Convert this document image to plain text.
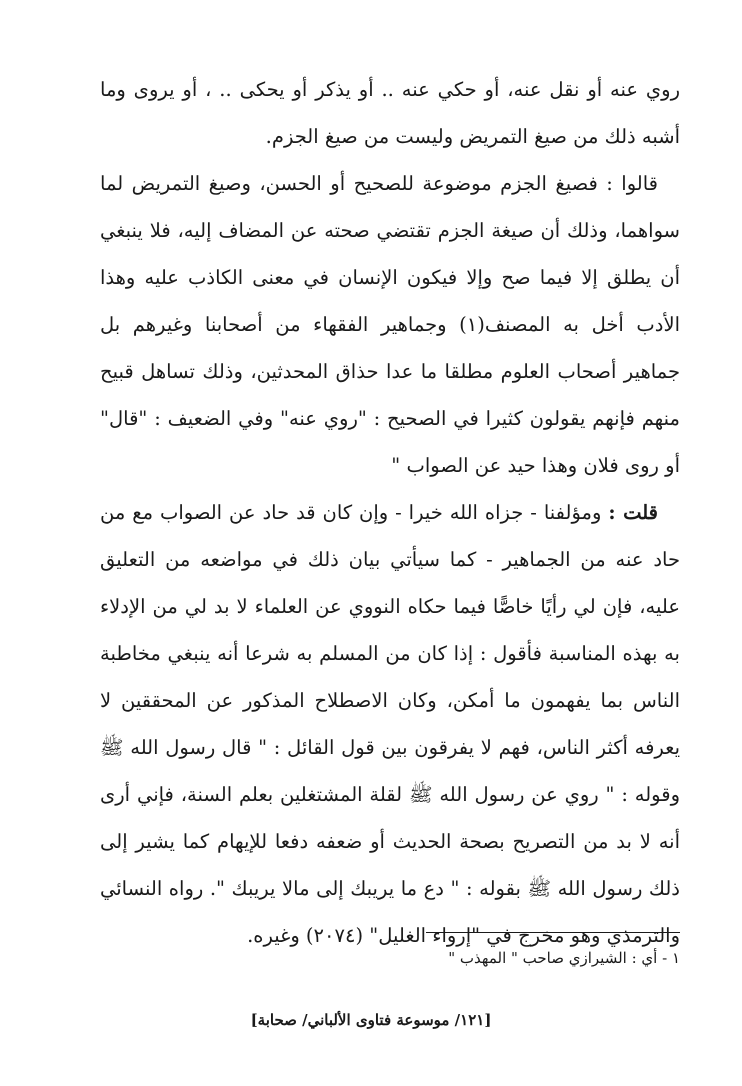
روي عنه أو نقل عنه، أو حكي عنه .. أو يذكر أو يحكى .. ، أو يروى وما أشبه ذلك من صيغ التمريض وليست من صيغ الجزم.

قالوا : فصيغ الجزم موضوعة للصحيح أو الحسن، وصيغ التمريض لما سواهما، وذلك أن صيغة الجزم تقتضي صحته عن المضاف إليه، فلا ينبغي أن يطلق إلا فيما صح وإلا فيكون الإنسان في معنى الكاذب عليه وهذا الأدب أخل به المصنف(١) وجماهير الفقهاء من أصحابنا وغيرهم بل جماهير أصحاب العلوم مطلقا ما عدا حذاق المحدثين، وذلك تساهل قبيح منهم فإنهم يقولون كثيرا في الصحيح : "روي عنه" وفي الضعيف : "قال" أو روى فلان وهذا حيد عن الصواب "

قلت : ومؤلفنا - جزاه الله خيرا - وإن كان قد حاد عن الصواب مع من حاد عنه من الجماهير - كما سيأتي بيان ذلك في مواضعه من التعليق عليه، فإن لي رأيًا خاصًّا فيما حكاه النووي عن العلماء لا بد لي من الإدلاء به بهذه المناسبة فأقول : إذا كان من المسلم به شرعا أنه ينبغي مخاطبة الناس بما يفهمون ما أمكن، وكان الاصطلاح المذكور عن المحققين لا يعرفه أكثر الناس، فهم لا يفرقون بين قول القائل : " قال رسول الله ﷺ وقوله : " روي عن رسول الله ﷺ لقلة المشتغلين بعلم السنة، فإني أرى أنه لا بد من التصريح بصحة الحديث أو ضعفه دفعا للإيهام كما يشير إلى ذلك رسول الله ﷺ بقوله : " دع ما يريبك إلى مالا يريبك ". رواه النسائي والترمذي وهو مخرج في "إرواء الغليل" (٢٠٧٤) وغيره.

١ - أي : الشيرازي صاحب " المهذب "

[١٢١/ موسوعة فتاوى الألباني/ صحابة]
